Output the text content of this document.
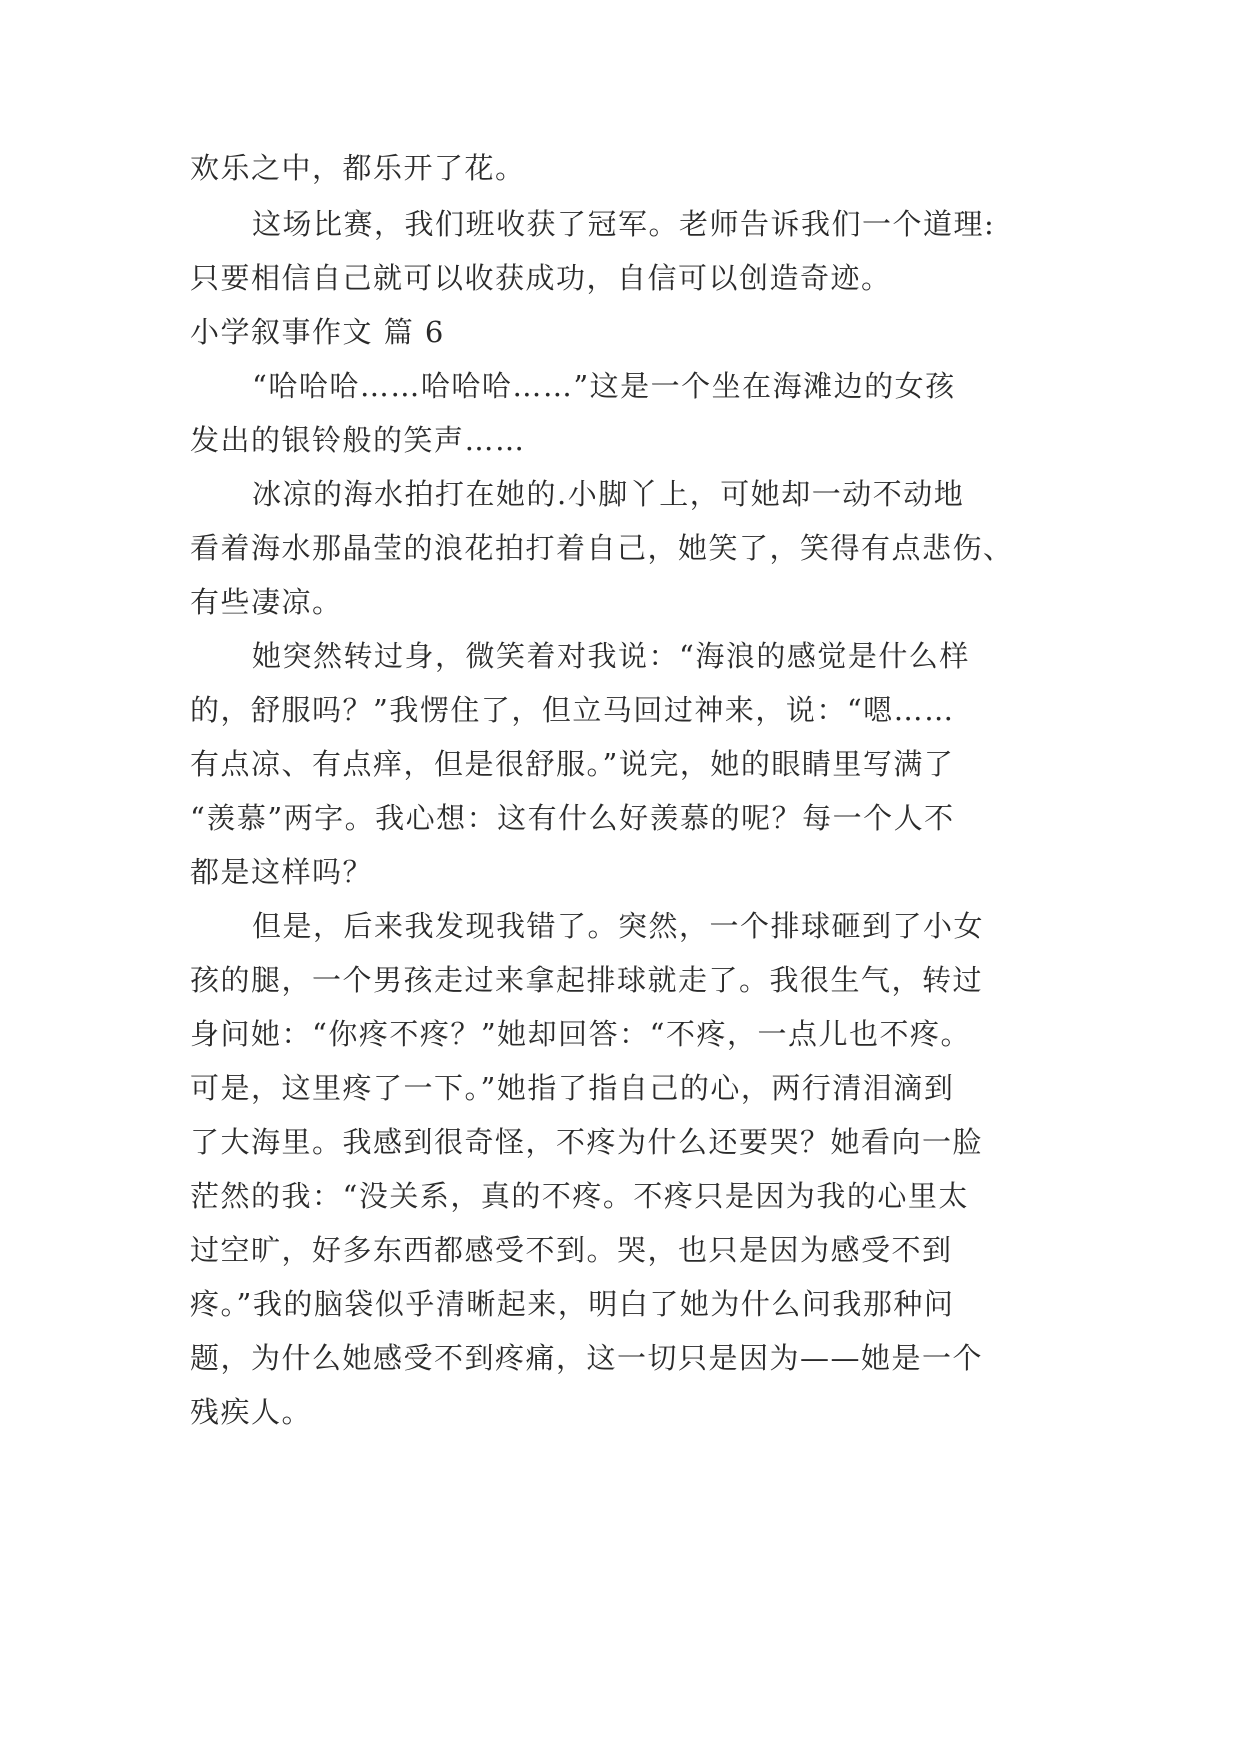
欢乐之中，都乐开了花。
这场比赛，我们班收获了冠军。老师告诉我们一个道理:
只要相信自己就可以收获成功，自信可以创造奇迹。
小学叙事作文 篇 6
“哈哈哈……哈哈哈……”这是一个坐在海滩边的女孩
发出的银铃般的笑声……
冰凉的海水拍打在她的.小脚丫上，可她却一动不动地
看着海水那晶莹的浪花拍打着自己，她笑了，笑得有点悲伤、
有些凄凉。
她突然转过身，微笑着对我说：“海浪的感觉是什么样
的，舒服吗？”我愣住了，但立马回过神来，说：“嗯……
有点凉、有点痒，但是很舒服。”说完，她的眼睛里写满了
“羡慕”两字。我心想：这有什么好羡慕的呢？每一个人不
都是这样吗？
但是，后来我发现我错了。突然，一个排球砸到了小女
孩的腿，一个男孩走过来拿起排球就走了。我很生气，转过
身问她：“你疼不疼？”她却回答：“不疼，一点儿也不疼。
可是，这里疼了一下。”她指了指自己的心，两行清泪滴到
了大海里。我感到很奇怪，不疼为什么还要哭？她看向一脸
茫然的我：“没关系，真的不疼。不疼只是因为我的心里太
过空旷，好多东西都感受不到。哭，也只是因为感受不到
疼。”我的脑袋似乎清晰起来，明白了她为什么问我那种问
题，为什么她感受不到疼痛，这一切只是因为——她是一个
残疾人。
